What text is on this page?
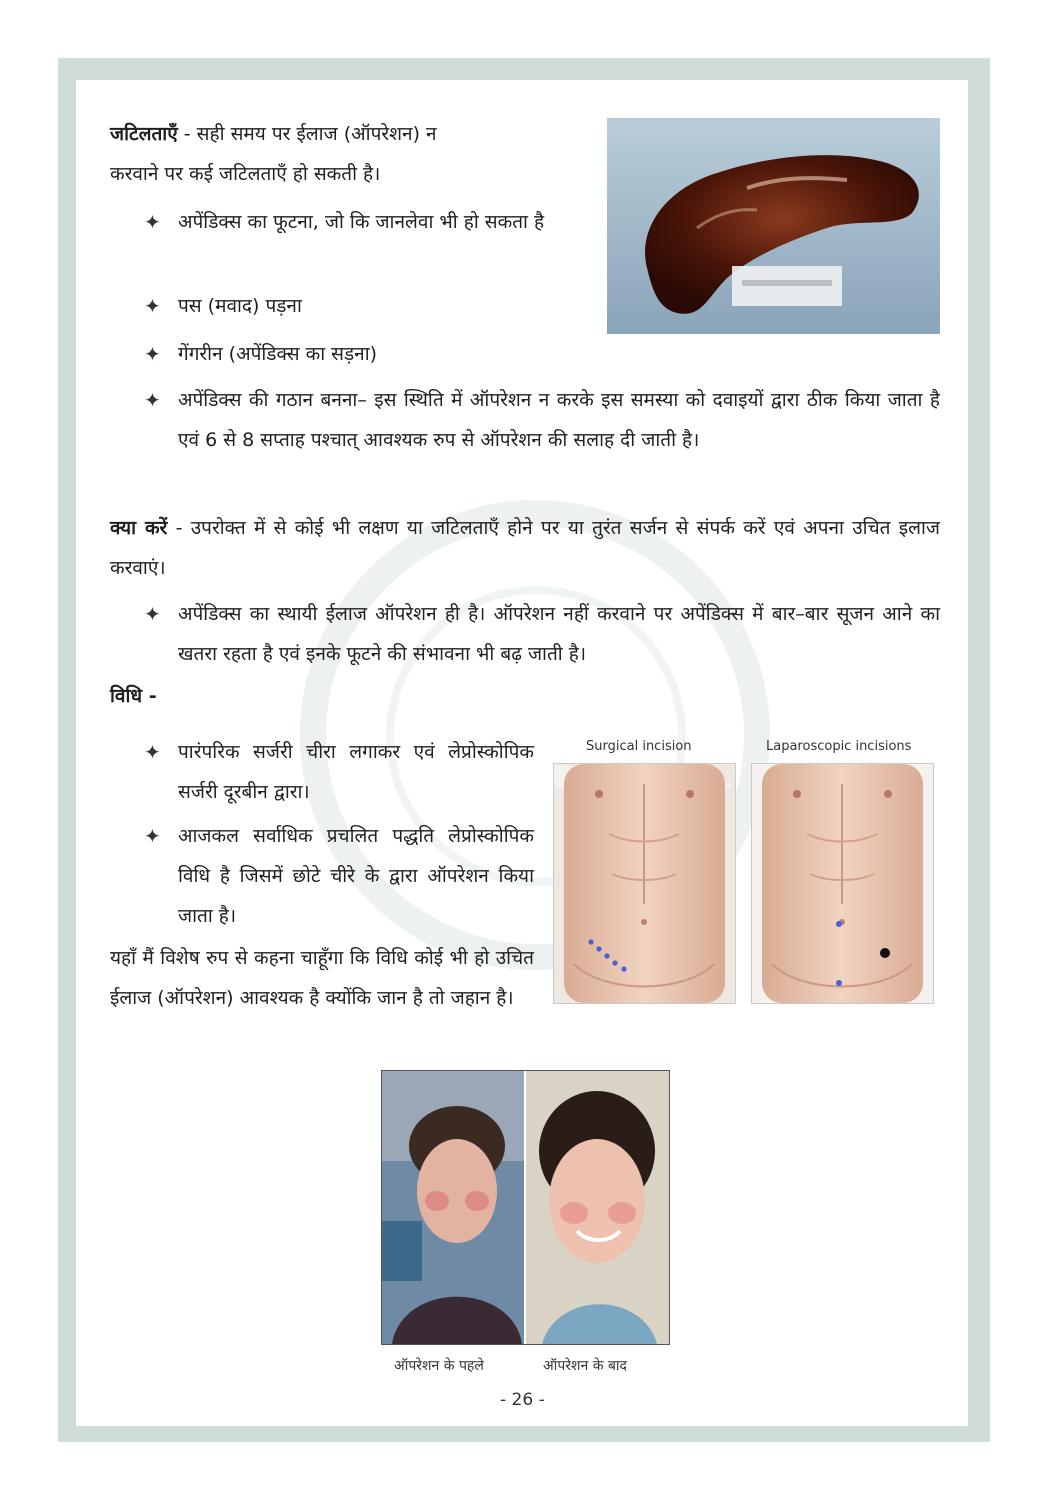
जटिलताएँ - सही समय पर ईलाज (ऑपरेशन) न
करवाने पर कई जटिलताएँ हो सकती है।
✦ अपेंडिक्स का फूटना, जो कि जानलेवा भी हो सकता है
✦ पस (मवाद) पड़ना
✦ गेंगरीन (अपेंडिक्स का सड़ना)
✦ अपेंडिक्स की गठान बनना– इस स्थिति में ऑपरेशन न करके इस समस्या को दवाइयों द्वारा ठीक किया जाता है एवं 6 से 8 सप्ताह पश्चात् आवश्यक रुप से ऑपरेशन की सलाह दी जाती है।
क्या करें - उपरोक्त में से कोई भी लक्षण या जटिलताएँ होने पर या तुरंत सर्जन से संपर्क करें एवं अपना उचित इलाज करवाएं।
✦ अपेंडिक्स का स्थायी ईलाज ऑपरेशन ही है। ऑपरेशन नहीं करवाने पर अपेंडिक्स में बार–बार सूजन आने का खतरा रहता है एवं इनके फूटने की संभावना भी बढ़ जाती है।
विधि -
✦ पारंपरिक सर्जरी चीरा लगाकर एवं लेप्रोस्कोपिक सर्जरी दूरबीन द्वारा।
✦ आजकल सर्वाधिक प्रचलित पद्धति लेप्रोस्कोपिक विधि है जिसमें छोटे चीरे के द्वारा ऑपरेशन किया जाता है।
यहाँ मैं विशेष रुप से कहना चाहूँगा कि विधि कोई भी हो उचित ईलाज (ऑपरेशन) आवश्यक है क्योंकि जान है तो जहान है।
Surgical incision	Laparoscopic incisions
ऑपरेशन के पहले	ऑपरेशन के बाद
- 26 -
